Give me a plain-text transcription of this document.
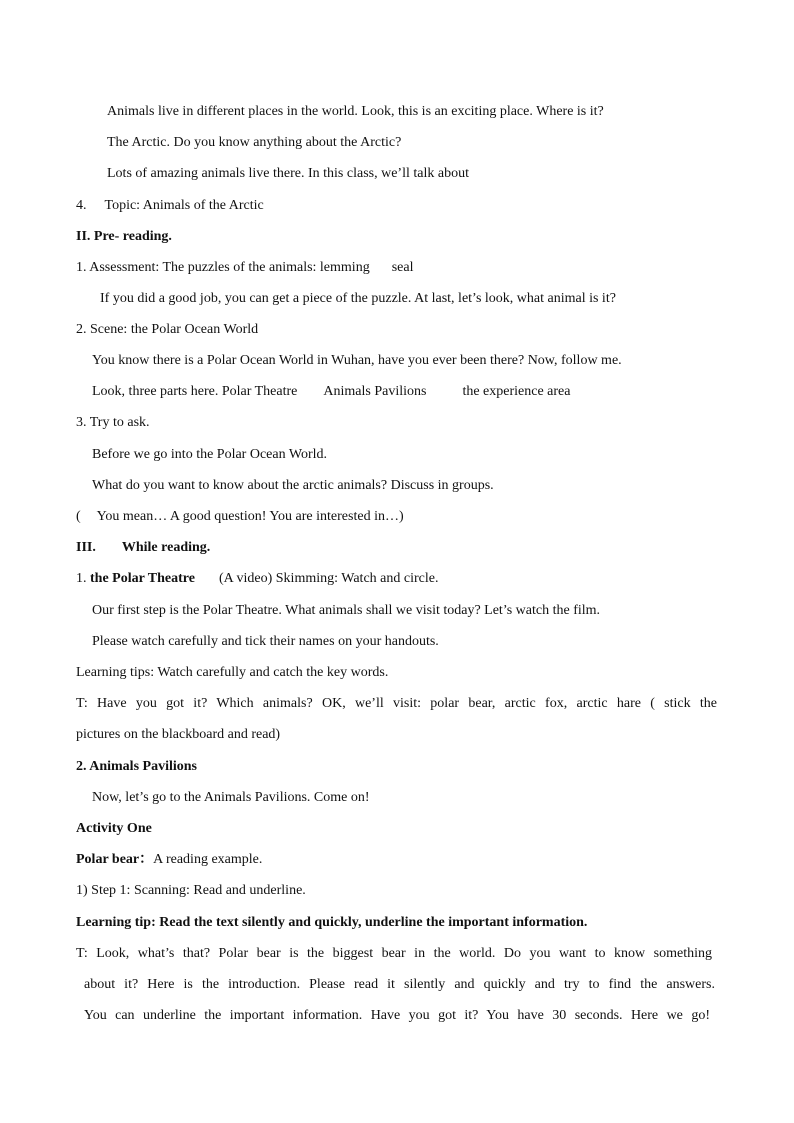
Animals live in different places in the world. Look, this is an exciting place. Where is it?
The Arctic. Do you know anything about the Arctic?
Lots of amazing animals live there. In this class, we’ll talk about
4. Topic: Animals of the Arctic
II. Pre- reading.
1. Assessment: The puzzles of the animals: lemming seal
If you did a good job, you can get a piece of the puzzle. At last, let’s look, what animal is it?
2. Scene: the Polar Ocean World
You know there is a Polar Ocean World in Wuhan, have you ever been there? Now, follow me.
Look, three parts here. Polar Theatre Animals Pavilions	the experience area
3. Try to ask.
Before we go into the Polar Ocean World.
What do you want to know about the arctic animals? Discuss in groups.
( You mean… A good question! You are interested in…)
III. While reading.
1. the Polar Theatre (A video) Skimming: Watch and circle.
Our first step is the Polar Theatre. What animals shall we visit today? Let’s watch the film.
Please watch carefully and tick their names on your handouts.
Learning tips: Watch carefully and catch the key words.
T: Have you got it? Which animals? OK, we’ll visit: polar bear, arctic fox, arctic hare ( stick the
pictures on the blackboard and read)
2. Animals Pavilions
Now, let’s go to the Animals Pavilions. Come on!
Activity One
Polar bear：A reading example.
1) Step 1: Scanning: Read and underline.
Learning tip: Read the text silently and quickly, underline the important information.
T: Look, what’s that? Polar bear is the biggest bear in the world. Do you want to know something
about it? Here is the introduction. Please read it silently and quickly and try to find the answers.
You can underline the important information. Have you got it? You have 30 seconds. Here we go!
